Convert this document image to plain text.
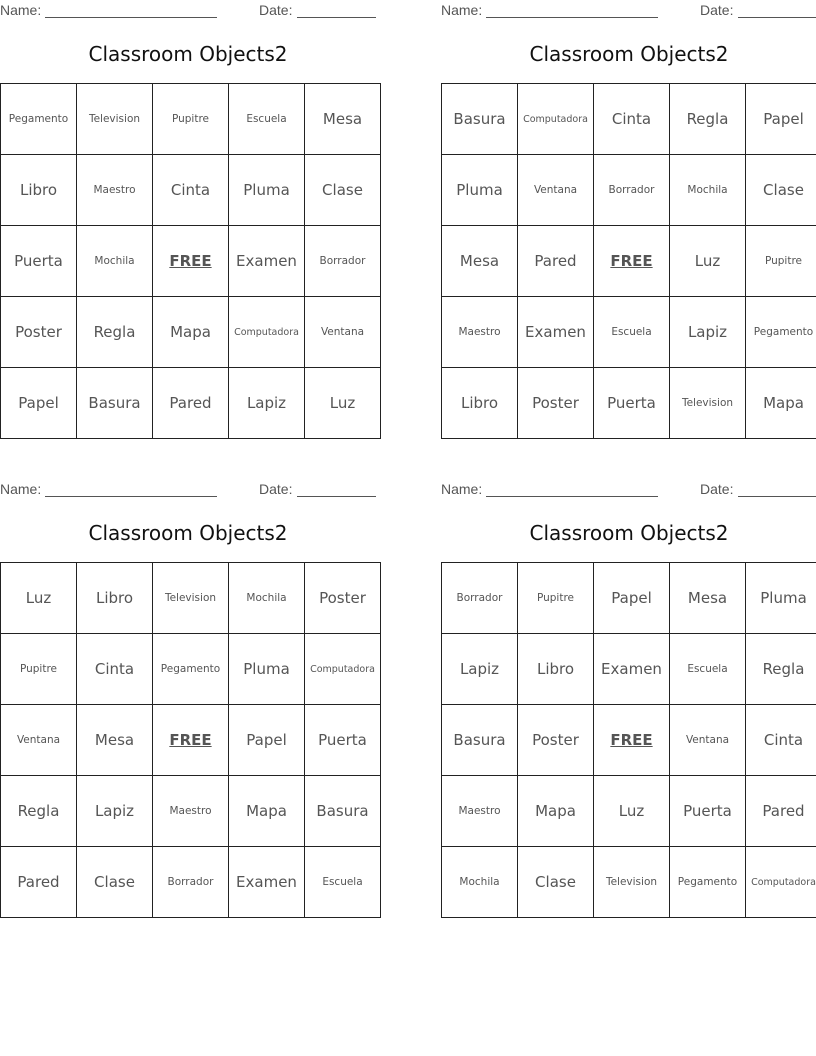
Name:	Date:
Classroom Objects2
Pegamento	Television	Pupitre	Escuela	Mesa
Libro	Maestro	Cinta	Pluma	Clase
Puerta	Mochila	FREE	Examen	Borrador
Poster	Regla	Mapa	Computadora	Ventana
Papel	Basura	Pared	Lapiz	Luz
Name:	Date:
Classroom Objects2
Basura	Computadora	Cinta	Regla	Papel
Pluma	Ventana	Borrador	Mochila	Clase
Mesa	Pared	FREE	Luz	Pupitre
Maestro	Examen	Escuela	Lapiz	Pegamento
Libro	Poster	Puerta	Television	Mapa
Name:	Date:
Classroom Objects2
Luz	Libro	Television	Mochila	Poster
Pupitre	Cinta	Pegamento	Pluma	Computadora
Ventana	Mesa	FREE	Papel	Puerta
Regla	Lapiz	Maestro	Mapa	Basura
Pared	Clase	Borrador	Examen	Escuela
Name:	Date:
Classroom Objects2
Borrador	Pupitre	Papel	Mesa	Pluma
Lapiz	Libro	Examen	Escuela	Regla
Basura	Poster	FREE	Ventana	Cinta
Maestro	Mapa	Luz	Puerta	Pared
Mochila	Clase	Television	Pegamento	Computadora
